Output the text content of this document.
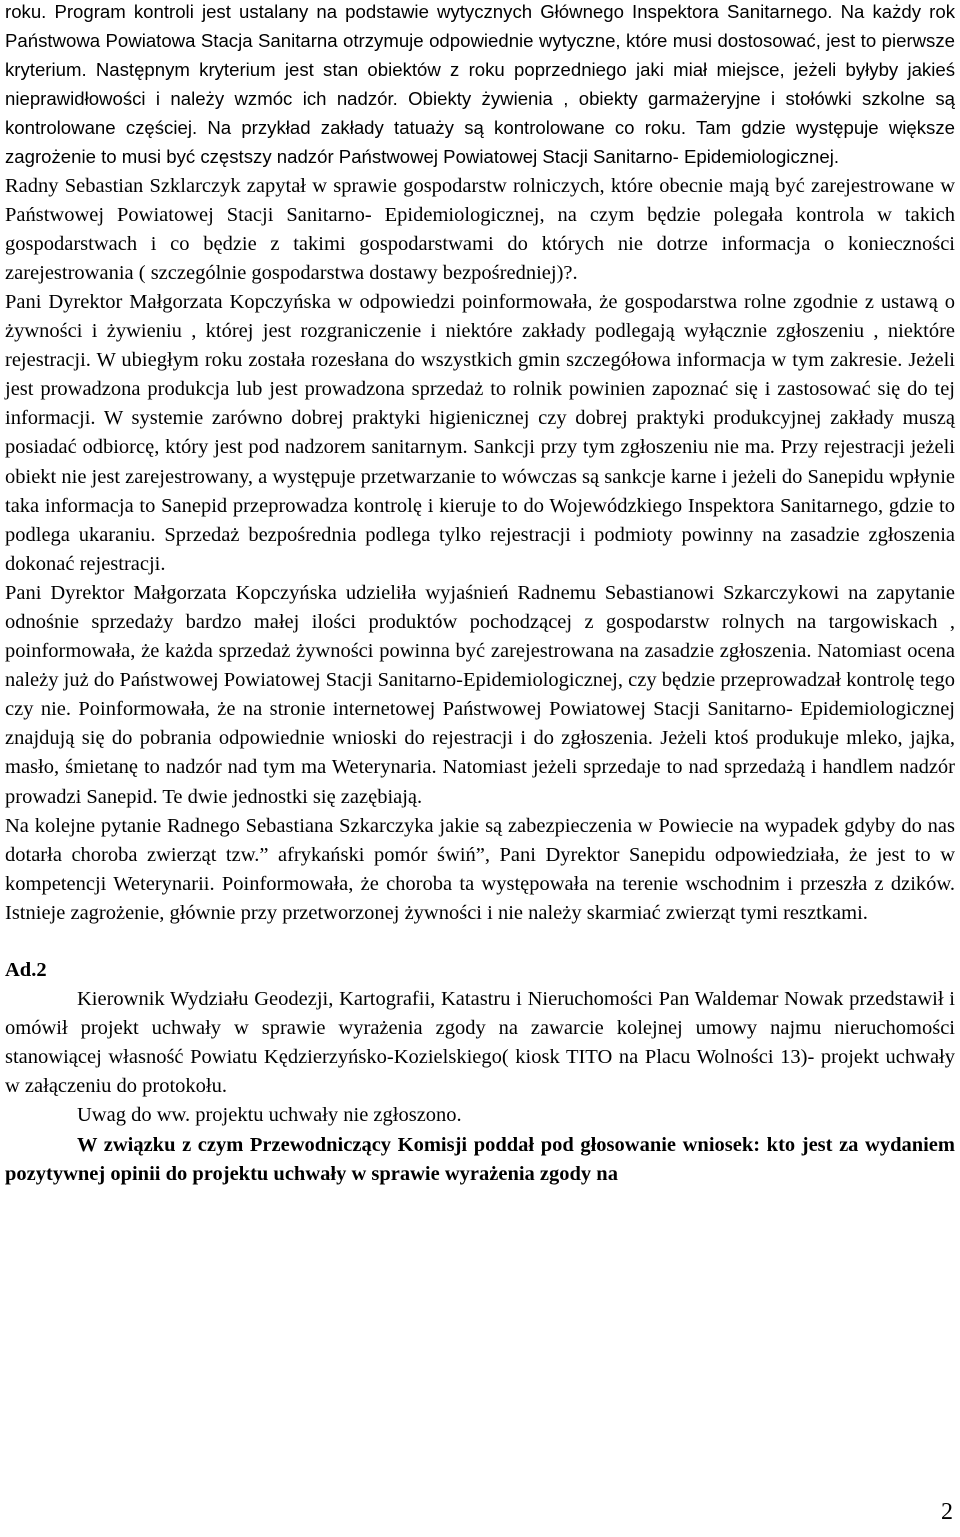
roku. Program kontroli jest ustalany na podstawie wytycznych Głównego Inspektora Sanitarnego. Na każdy rok Państwowa Powiatowa Stacja Sanitarna otrzymuje odpowiednie wytyczne, które musi dostosować, jest to pierwsze kryterium. Następnym kryterium jest stan obiektów z roku poprzedniego jaki miał miejsce, jeżeli byłyby jakieś nieprawidłowości i należy wzmóc ich nadzór. Obiekty żywienia , obiekty garmażeryjne i stołówki szkolne są kontrolowane częściej. Na przykład zakłady tatuaży są kontrolowane co roku. Tam gdzie występuje większe zagrożenie to musi być częstszy nadzór Państwowej Powiatowej Stacji Sanitarno- Epidemiologicznej.

Radny Sebastian Szklarczyk zapytał w sprawie gospodarstw rolniczych, które obecnie mają być zarejestrowane w Państwowej Powiatowej Stacji Sanitarno- Epidemiologicznej, na czym będzie polegała kontrola w takich gospodarstwach i co będzie z takimi gospodarstwami do których nie dotrze informacja o konieczności zarejestrowania ( szczególnie gospodarstwa dostawy bezpośredniej)?.

Pani Dyrektor Małgorzata Kopczyńska w odpowiedzi poinformowała, że gospodarstwa rolne zgodnie z ustawą o żywności i żywieniu , której jest rozgraniczenie i niektóre zakłady podlegają wyłącznie zgłoszeniu , niektóre rejestracji. W ubiegłym roku została rozesłana do wszystkich gmin szczegółowa informacja w tym zakresie. Jeżeli jest prowadzona produkcja lub jest prowadzona sprzedaż to rolnik powinien zapoznać się i zastosować się do tej informacji. W systemie zarówno dobrej praktyki higienicznej czy dobrej praktyki produkcyjnej zakłady muszą posiadać odbiorcę, który jest pod nadzorem sanitarnym. Sankcji przy tym zgłoszeniu nie ma. Przy rejestracji jeżeli obiekt nie jest zarejestrowany, a występuje przetwarzanie to wówczas są sankcje karne i jeżeli do Sanepidu wpłynie taka informacja to Sanepid przeprowadza kontrolę i kieruje to do Wojewódzkiego Inspektora Sanitarnego, gdzie to podlega ukaraniu. Sprzedaż bezpośrednia podlega tylko rejestracji i podmioty powinny na zasadzie zgłoszenia dokonać rejestracji.

Pani Dyrektor Małgorzata Kopczyńska udzieliła wyjaśnień Radnemu Sebastianowi Szkarczykowi na zapytanie odnośnie sprzedaży bardzo małej ilości produktów pochodzącej z gospodarstw rolnych na targowiskach , poinformowała, że każda sprzedaż żywności powinna być zarejestrowana na zasadzie zgłoszenia. Natomiast ocena należy już do Państwowej Powiatowej Stacji Sanitarno-Epidemiologicznej, czy będzie przeprowadzał kontrolę tego czy nie. Poinformowała, że na stronie internetowej Państwowej Powiatowej Stacji Sanitarno- Epidemiologicznej znajdują się do pobrania odpowiednie wnioski do rejestracji i do zgłoszenia. Jeżeli ktoś produkuje mleko, jajka, masło, śmietanę to nadzór nad tym ma Weterynaria. Natomiast jeżeli sprzedaje to nad sprzedażą i handlem nadzór prowadzi Sanepid. Te dwie jednostki się zazębiają.

Na kolejne pytanie Radnego Sebastiana Szkarczyka jakie są zabezpieczenia w Powiecie na wypadek gdyby do nas dotarła choroba zwierząt tzw.” afrykański pomór świń”, Pani Dyrektor Sanepidu odpowiedziała, że jest to w kompetencji Weterynarii. Poinformowała, że choroba ta występowała na terenie wschodnim i przeszła z dzików. Istnieje zagrożenie, głównie przy przetworzonej żywności i nie należy skarmiać zwierząt tymi resztkami.

Ad.2

Kierownik Wydziału Geodezji, Kartografii, Katastru i Nieruchomości Pan Waldemar Nowak przedstawił i omówił projekt uchwały w sprawie wyrażenia zgody na zawarcie kolejnej umowy najmu nieruchomości stanowiącej własność Powiatu Kędzierzyńsko-Kozielskiego( kiosk TITO na Placu Wolności 13)- projekt uchwały w załączeniu do protokołu.

Uwag do ww. projektu uchwały nie zgłoszono.

W związku z czym Przewodniczący Komisji poddał pod głosowanie wniosek: kto jest za wydaniem pozytywnej opinii do projektu uchwały w sprawie wyrażenia zgody na

2
